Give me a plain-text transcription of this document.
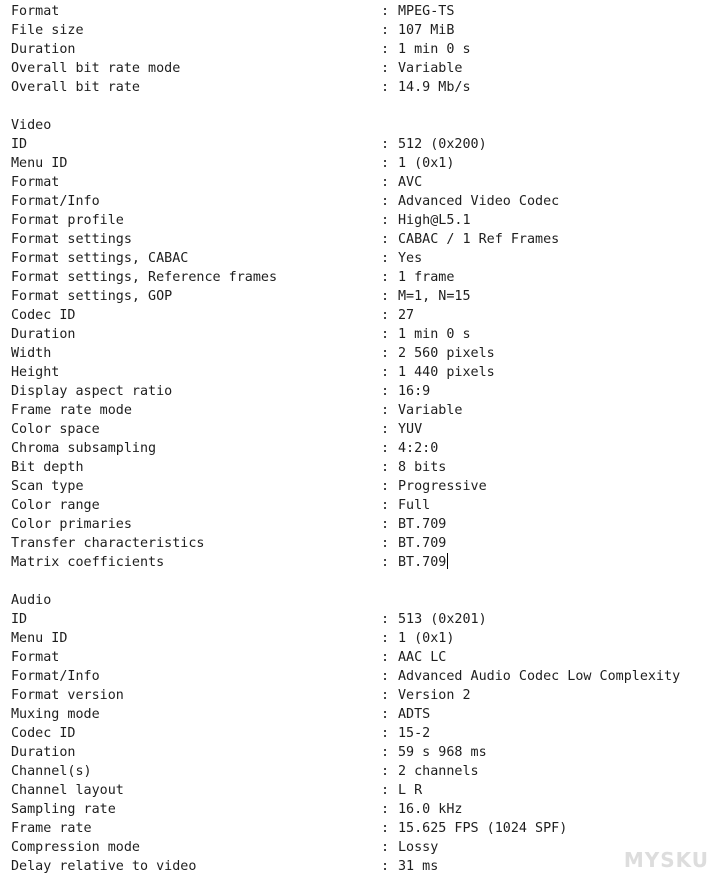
Format	: MPEG-TS
File size	: 107 MiB
Duration	: 1 min 0 s
Overall bit rate mode	: Variable
Overall bit rate	: 14.9 Mb/s
Video
ID	: 512 (0x200)
Menu ID	: 1 (0x1)
Format	: AVC
Format/Info	: Advanced Video Codec
Format profile	: High@L5.1
Format settings	: CABAC / 1 Ref Frames
Format settings, CABAC	: Yes
Format settings, Reference frames	: 1 frame
Format settings, GOP	: M=1, N=15
Codec ID	: 27
Duration	: 1 min 0 s
Width	: 2 560 pixels
Height	: 1 440 pixels
Display aspect ratio	: 16:9
Frame rate mode	: Variable
Color space	: YUV
Chroma subsampling	: 4:2:0
Bit depth	: 8 bits
Scan type	: Progressive
Color range	: Full
Color primaries	: BT.709
Transfer characteristics	: BT.709
Matrix coefficients	: BT.709
Audio
ID	: 513 (0x201)
Menu ID	: 1 (0x1)
Format	: AAC LC
Format/Info	: Advanced Audio Codec Low Complexity
Format version	: Version 2
Muxing mode	: ADTS
Codec ID	: 15-2
Duration	: 59 s 968 ms
Channel(s)	: 2 channels
Channel layout	: L R
Sampling rate	: 16.0 kHz
Frame rate	: 15.625 FPS (1024 SPF)
Compression mode	: Lossy
Delay relative to video	: 31 ms	MYSKU
